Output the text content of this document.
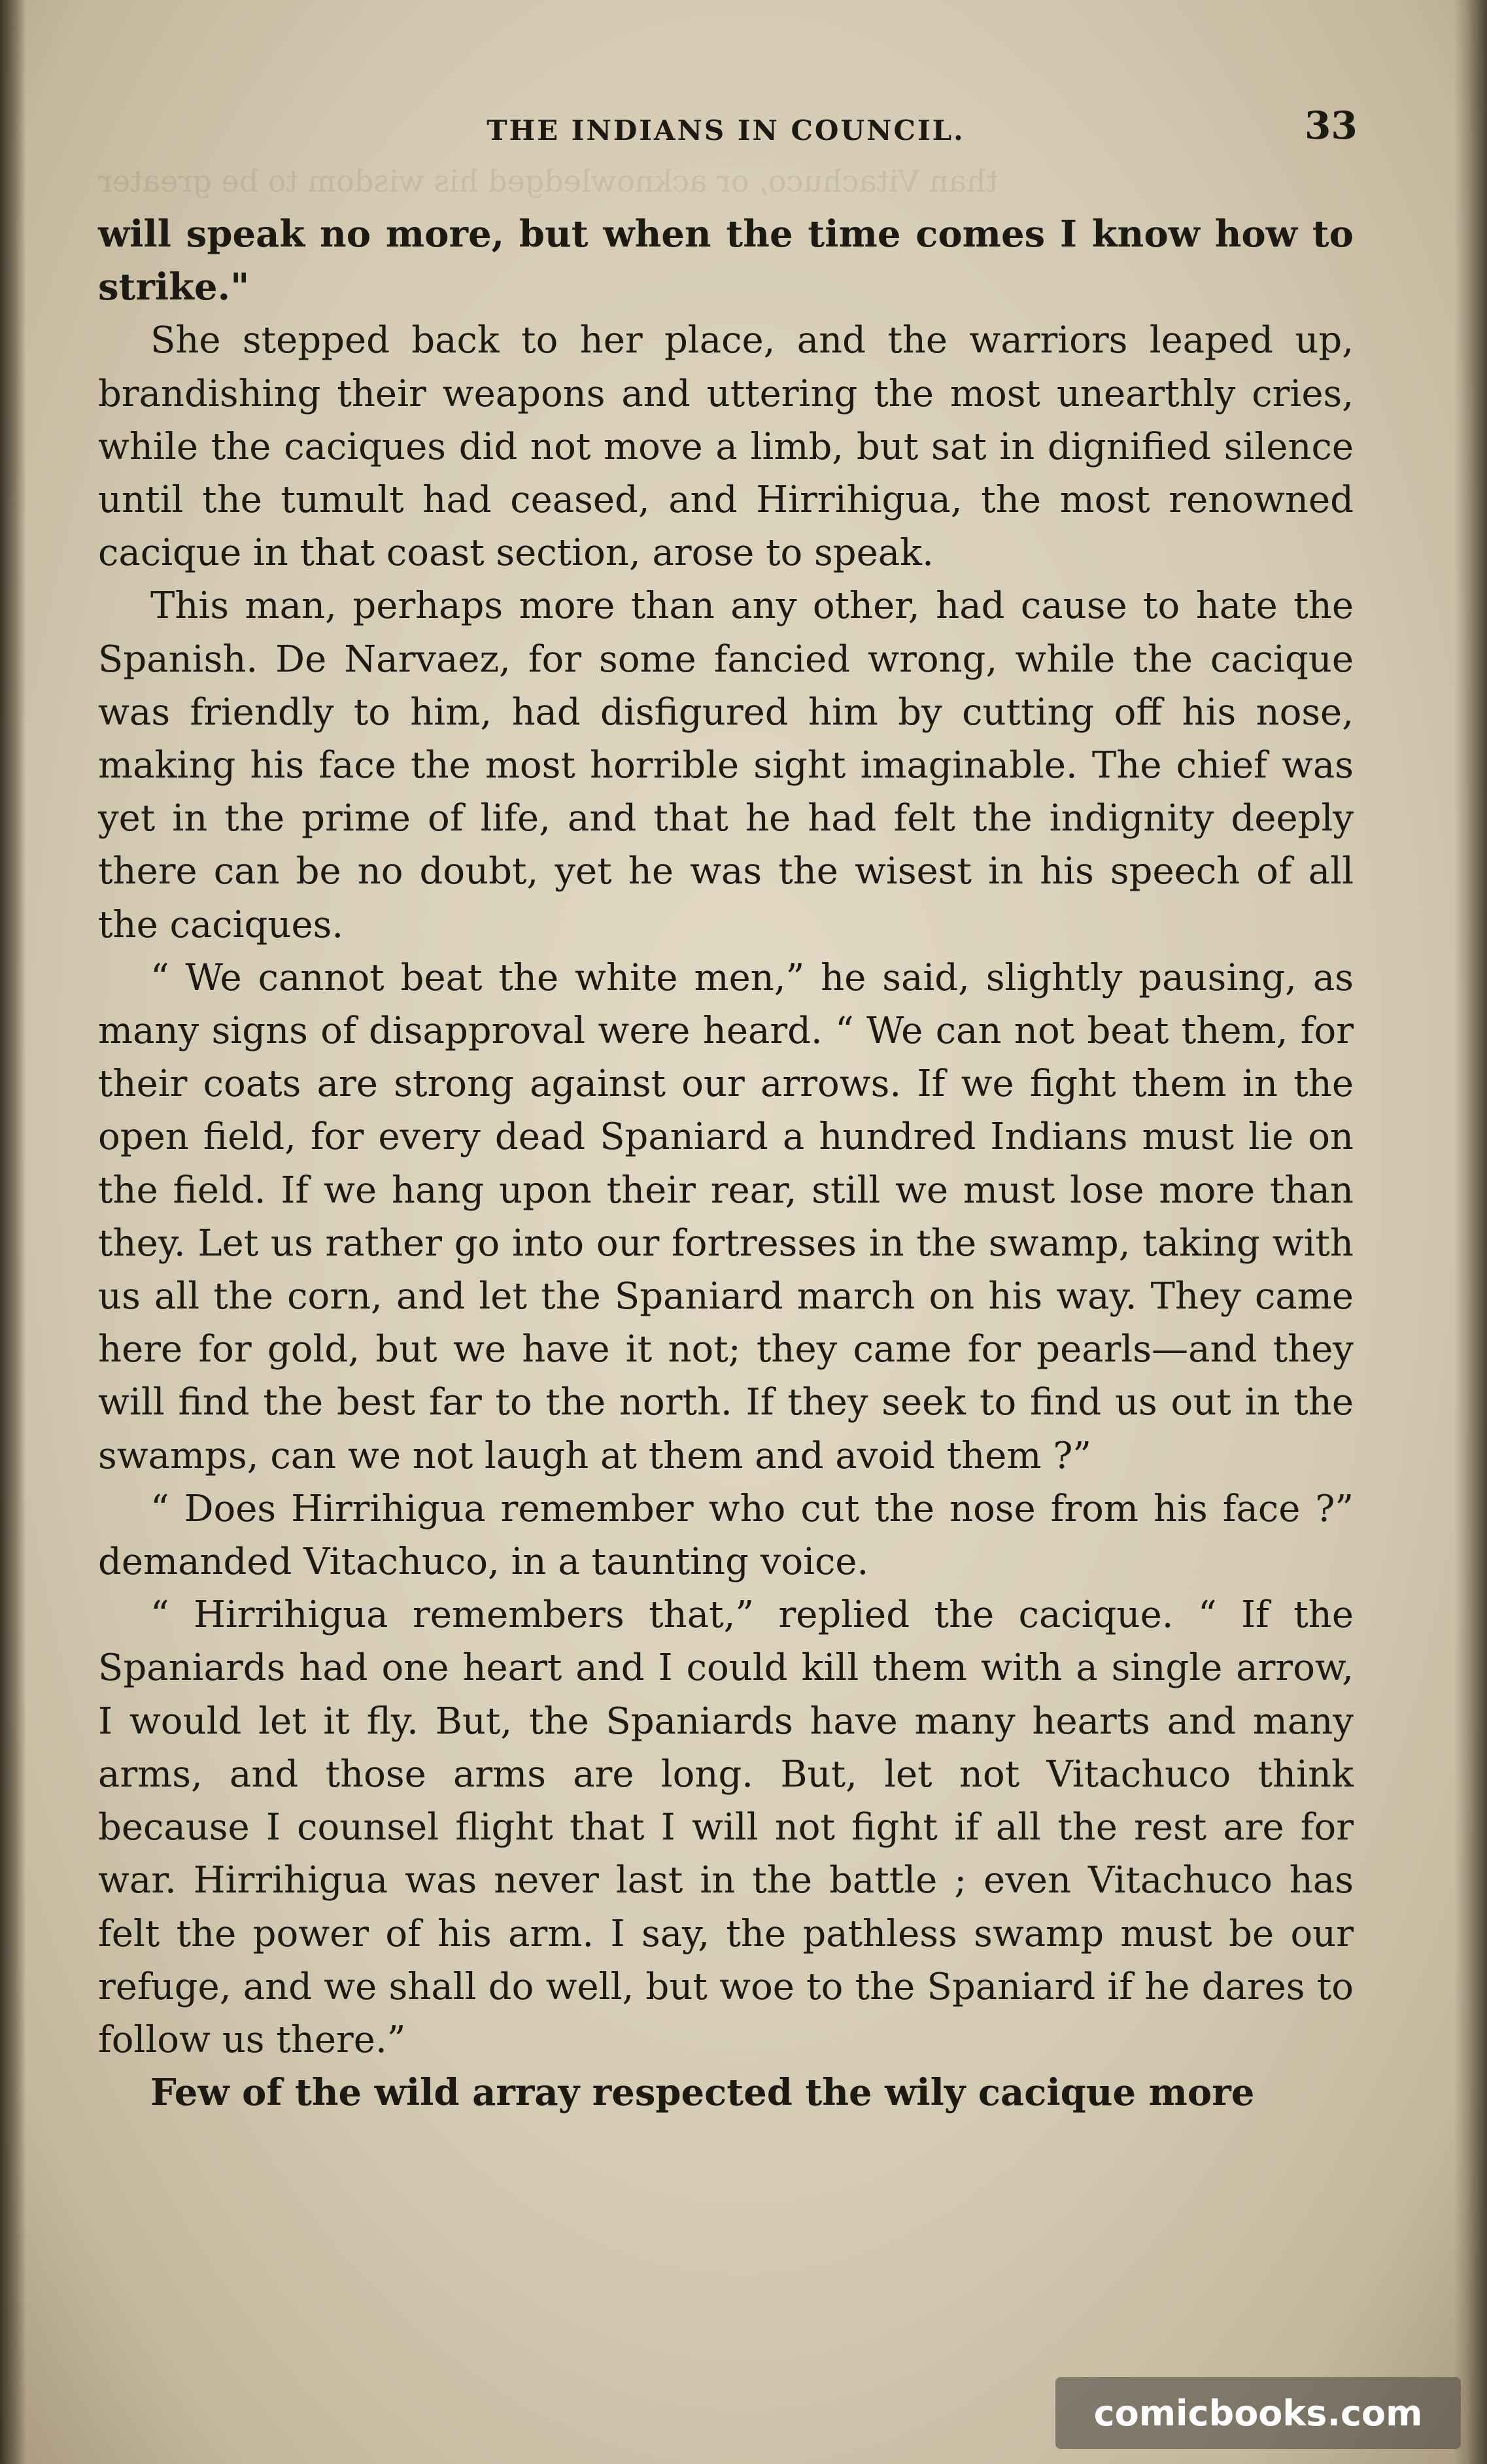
than Vitachuco, or acknowledged his wisdom to be greater
THE INDIANS IN COUNCIL.	33

will speak no more, but when the time comes I know how to strike."

She stepped back to her place, and the warriors leaped up, brandishing their weapons and uttering the most unearthly cries, while the caciques did not move a limb, but sat in dignified silence until the tumult had ceased, and Hirrihigua, the most renowned cacique in that coast section, arose to speak.

This man, perhaps more than any other, had cause to hate the Spanish. De Narvaez, for some fancied wrong, while the cacique was friendly to him, had disfigured him by cutting off his nose, making his face the most horrible sight imaginable. The chief was yet in the prime of life, and that he had felt the indignity deeply there can be no doubt, yet he was the wisest in his speech of all the caciques.

“ We cannot beat the white men,” he said, slightly pausing, as many signs of disapproval were heard. “ We can not beat them, for their coats are strong against our arrows. If we fight them in the open field, for every dead Spaniard a hundred Indians must lie on the field. If we hang upon their rear, still we must lose more than they. Let us rather go into our fortresses in the swamp, taking with us all the corn, and let the Spaniard march on his way. They came here for gold, but we have it not; they came for pearls—and they will find the best far to the north. If they seek to find us out in the swamps, can we not laugh at them and avoid them ?”

“ Does Hirrihigua remember who cut the nose from his face ?” demanded Vitachuco, in a taunting voice.

“ Hirrihigua remembers that,” replied the cacique. “ If the Spaniards had one heart and I could kill them with a single arrow, I would let it fly. But, the Spaniards have many hearts and many arms, and those arms are long. But, let not Vitachuco think because I counsel flight that I will not fight if all the rest are for war. Hirrihigua was never last in the battle ; even Vitachuco has felt the power of his arm. I say, the pathless swamp must be our refuge, and we shall do well, but woe to the Spaniard if he dares to follow us there.”

Few of the wild array respected the wily cacique more

comicbooks.com
